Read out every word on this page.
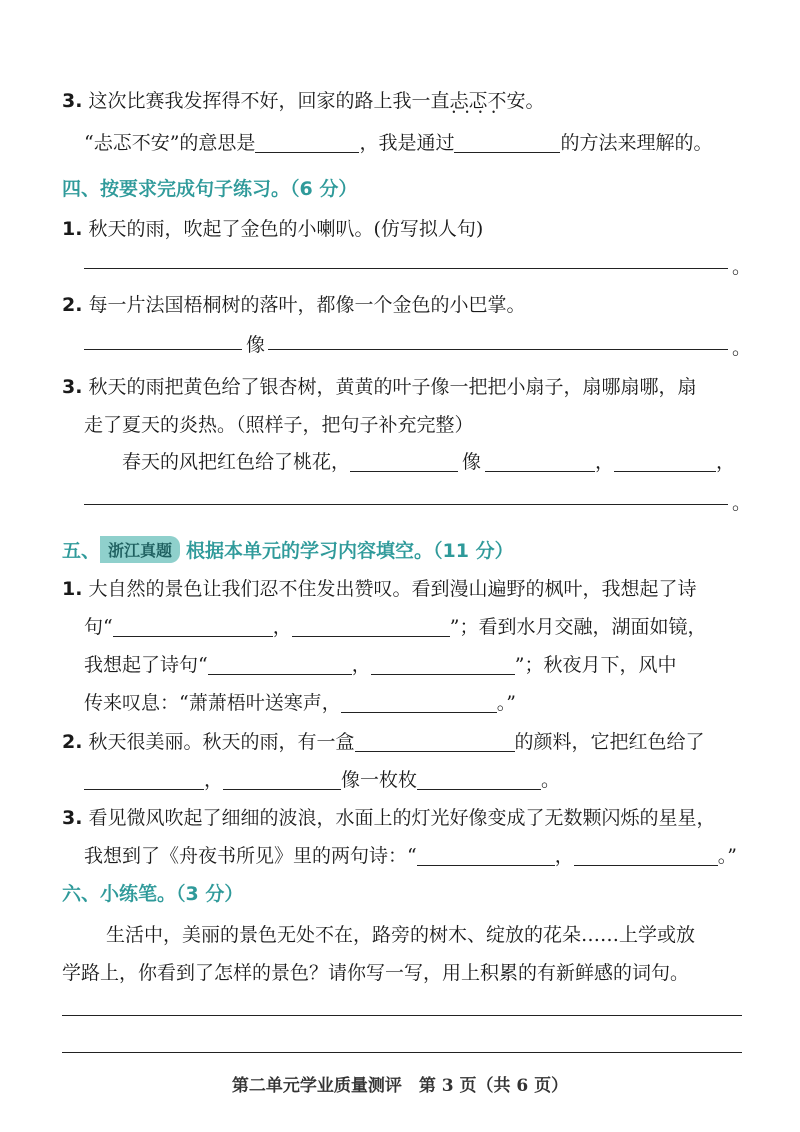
3. 这次比赛我发挥得不好，回家的路上我一直忐忑不安 • • • •。
“忐忑不安”的意思是	，我是通过	的方法来理解的。
四、按要求完成句子练习。（6 分）
1. 秋天的雨，吹起了金色的小喇叭。(仿写拟人句)
。
2. 每一片法国梧桐树的落叶，都像一个金色的小巴掌。
像	。
3. 秋天的雨把黄色给了银杏树，黄黄的叶子像一把把小扇子，扇哪扇哪，扇
走了夏天的炎热。（照样子，把句子补充完整）
春天的风把红色给了桃花，	像	，	，
。
五、 浙江真题 根据本单元的学习内容填空。（11 分）
1. 大自然的景色让我们忍不住发出赞叹。看到漫山遍野的枫叶，我想起了诗
句“	，	”；看到水月交融，湖面如镜，
我想起了诗句“	，	”；秋夜月下，风中
传来叹息：“萧萧梧叶送寒声，	。”
2. 秋天很美丽。秋天的雨，有一盒	的颜料，它把红色给了
，	像一枚枚	。
3. 看见微风吹起了细细的波浪，水面上的灯光好像变成了无数颗闪烁的星星，
我想到了《舟夜书所见》里的两句诗：“	，	。”
六、小练笔。（3 分）
生活中，美丽的景色无处不在，路旁的树木、绽放的花朵……上学或放
学路上，你看到了怎样的景色？请你写一写，用上积累的有新鲜感的词句。
第二单元学业质量测评　第 3 页（共 6 页）
